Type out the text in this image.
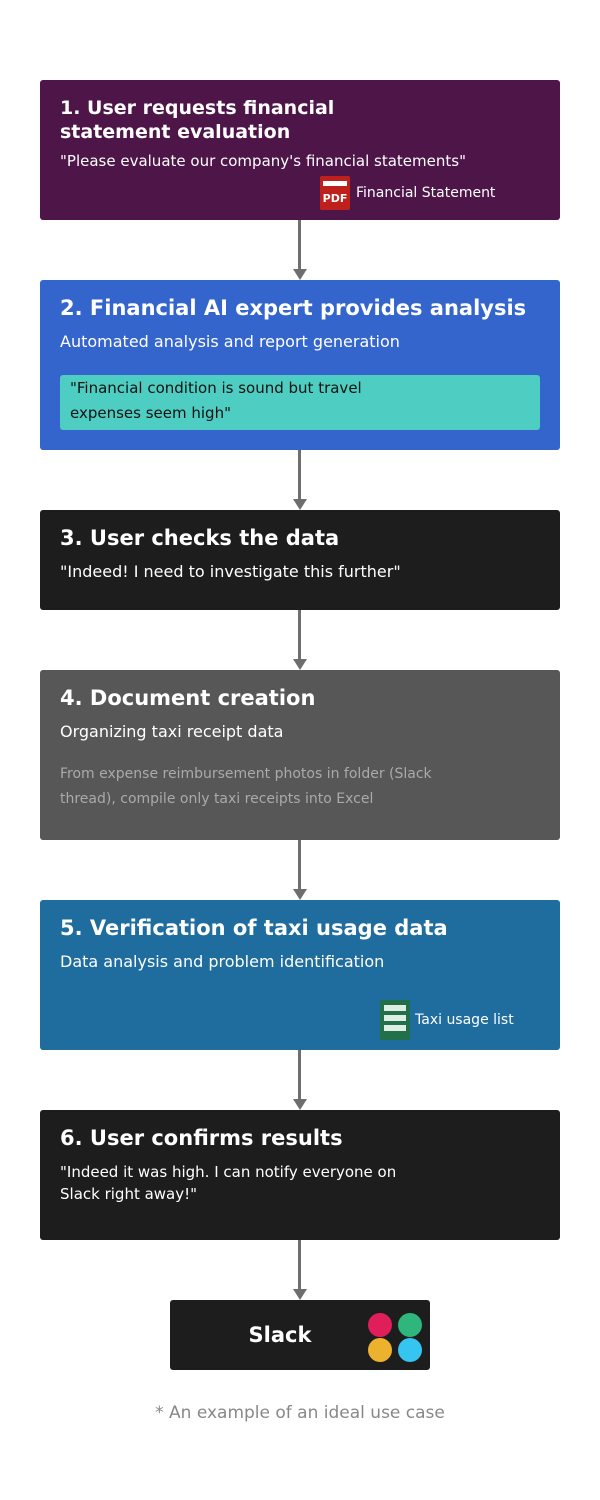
1. User requests financial
statement evaluation
"Please evaluate our company's financial statements"
PDF Financial Statement
2. Financial AI expert provides analysis
Automated analysis and report generation
"Financial condition is sound but travel expenses seem high"
3. User checks the data
"Indeed! I need to investigate this further"
4. Document creation
Organizing taxi receipt data
From expense reimbursement photos in folder (Slack thread), compile only taxi receipts into Excel
5. Verification of taxi usage data
Data analysis and problem identification
Taxi usage list
6. User confirms results
"Indeed it was high. I can notify everyone on
Slack right away!"
Slack
* An example of an ideal use case
